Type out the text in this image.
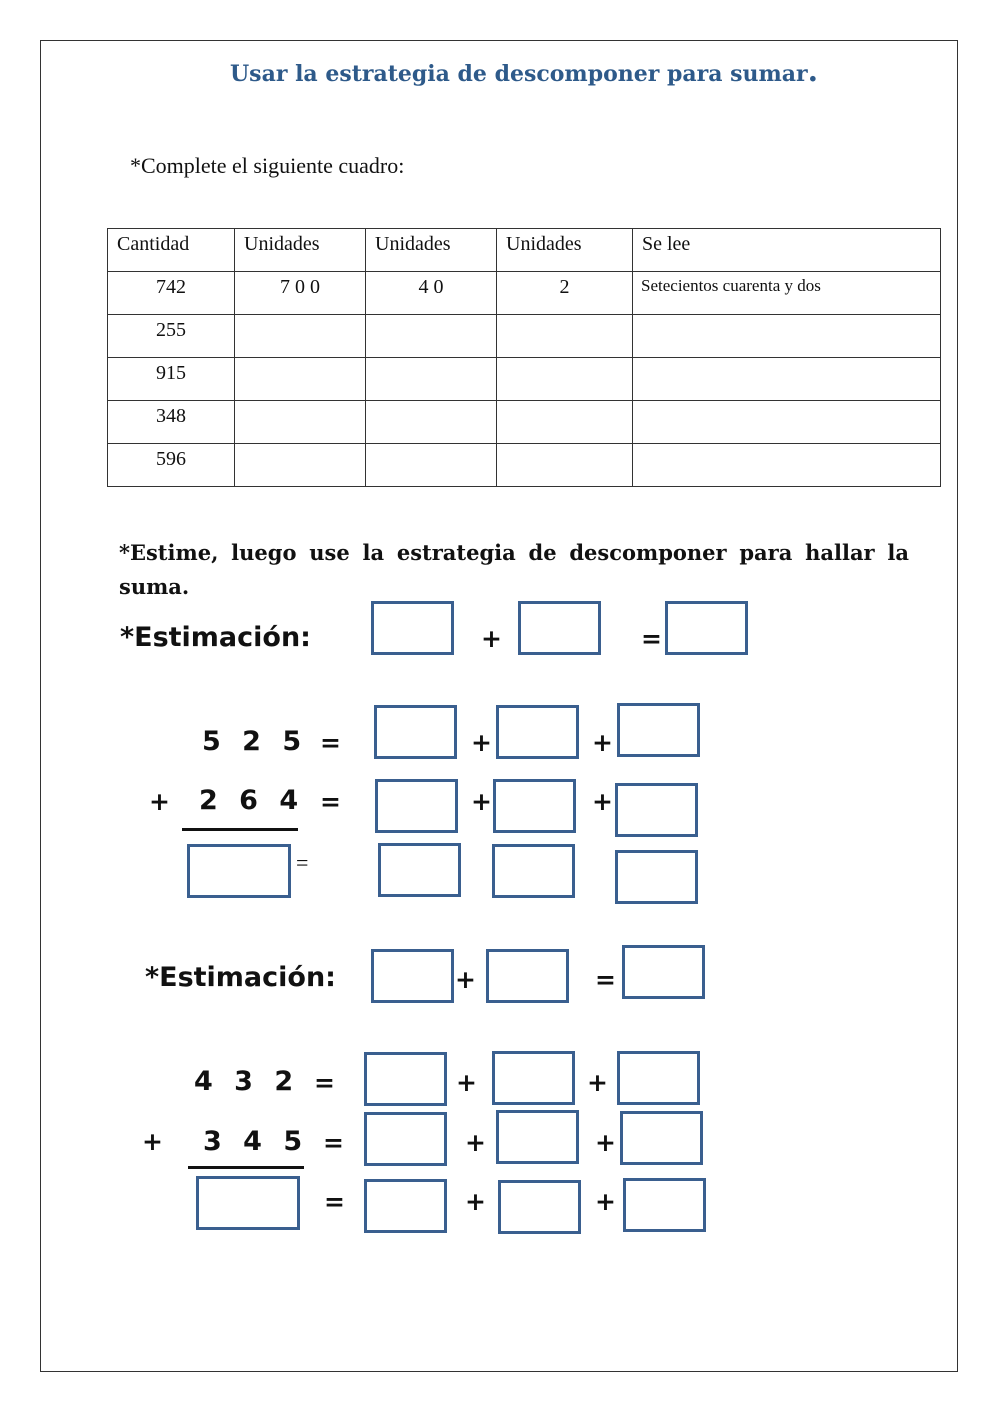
Usar la estrategia de descomponer para sumar.
*Complete el siguiente cuadro:
Cantidad	Unidades	Unidades	Unidades	Se lee

742	7 0 0	4 0	2	Setecientos cuarenta y dos

255				

915				

348				

596				

*Estime, luego use la estrategia de descomponer para hallar la suma.
*Estimación:	+	=
5 2 5 =	+	+
+ 2 6 4 =	+	+
=
*Estimación:	+	=
4 3 2 =	+	+
+ 3 4 5 =	+	+
=	+	+
